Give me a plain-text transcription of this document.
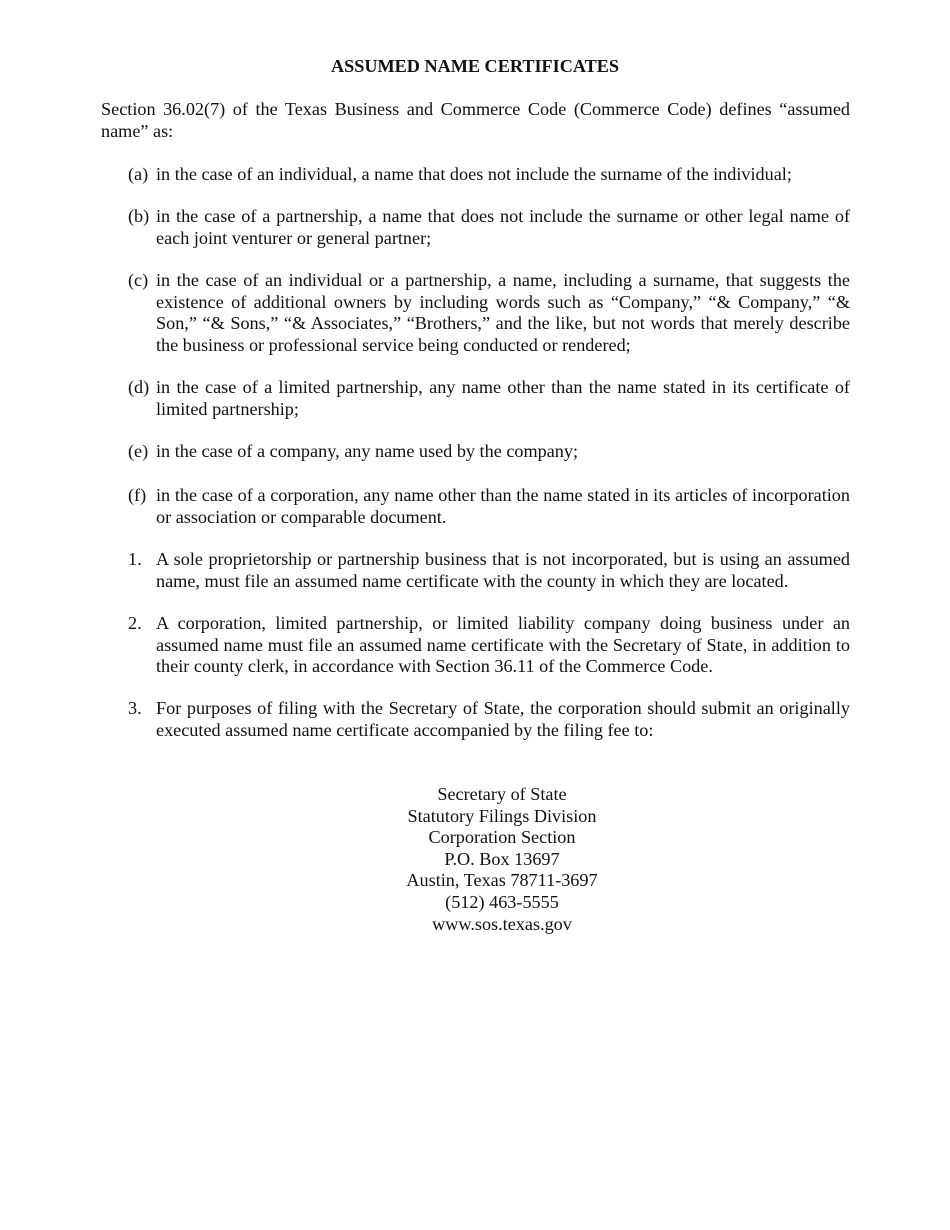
ASSUMED NAME CERTIFICATES

Section 36.02(7) of the Texas Business and Commerce Code (Commerce Code) defines “assumed name” as:

(a) in the case of an individual, a name that does not include the surname of the individual;
(b) in the case of a partnership, a name that does not include the surname or other legal name of each joint venturer or general partner;
(c) in the case of an individual or a partnership, a name, including a surname, that suggests the existence of additional owners by including words such as “Company,” “& Company,” “& Son,” “& Sons,” “& Associates,” “Brothers,” and the like, but not words that merely describe the business or professional service being conducted or rendered;
(d) in the case of a limited partnership, any name other than the name stated in its certificate of limited partnership;
(e) in the case of a company, any name used by the company;
(f) in the case of a corporation, any name other than the name stated in its articles of incorporation or association or comparable document.
1. A sole proprietorship or partnership business that is not incorporated, but is using an assumed name, must file an assumed name certificate with the county in which they are located.
2. A corporation, limited partnership, or limited liability company doing business under an assumed name must file an assumed name certificate with the Secretary of State, in addition to their county clerk, in accordance with Section 36.11 of the Commerce Code.
3. For purposes of filing with the Secretary of State, the corporation should submit an originally executed assumed name certificate accompanied by the filing fee to:
Secretary of State
Statutory Filings Division
Corporation Section
P.O. Box 13697
Austin, Texas 78711-3697
(512) 463-5555
www.sos.texas.gov
